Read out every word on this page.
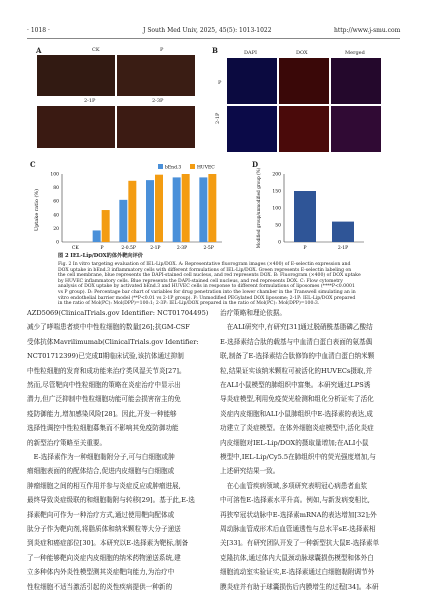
· 1018 ·	J South Med Univ, 2025, 45(5): 1013-1022	http://www.j-smu.com
A	CK	P
2-1P	2-3P
B	DAPI	DOX	Merged
P
2-1P
C
0
20
40
60
80
100
Uptake ratio (%)
CK	P	2-0.5P	2-1P	2-3P	2-5P
bEnd.3	HUVEC	D
0
50
100
150
200
Modified group/unmodified group (%)
P	2-1P
图 2 IEL-Lip/DOX的体外靶向评价
Fig. 2 In vitro targeting evaluation of IEL-Lip/DOX. A: Representative fluorogram images (×400) of E-selectin expression and
DOX uptake in bEnd.3 inflammatory cells with different formulations of IEL-Lip/DOX. Green represents E-selectin labeling on
the cell membrane, blue represents the DAPI-stained cell nucleus, and red represents DOX. B: Fluorogram (×400) of DOX uptake
by HUVEC inflammatory cells. Blue represents the DAPI-stained cell nucleus, and red represents DOX. C: Flow cytometry
analysis of DOX uptake by activated bEnd.3 and HUVEC cells in response to different formulations of liposomes (****P<0.0001
vs P group). D: Percentage bar chart of variables for drug penetration into the lower chamber in the Transwell simulating an in
vitro endothelial barrier model (**P<0.01 vs 2-1P group). P: Unmodified PEGylated DOX liposome; 2-1P: IEL-Lip/DOX prepared
in the ratio of Mol(PC): Mol(DPP)=100:1; 2-3P: IEL-Lip/DOX prepared in the ratio of Mol(PC): Mol(DPP)=100:3.
AZD5069(ClinicalTrials.gov Identifier: NCT01704495)
减少了哮喘患者痰中中性粒细胞的数量[26];抗GM-CSF
受体抗体Mavrilimumab(ClinicalTrials.gov Identifier:
NCT01712399)已完成Ⅱ期临床试验,该抗体通过抑制
中性粒细胞的发育和成功能来治疗类风湿关节炎[27]。
然而,尽管靶向中性粒细胞的策略在炎症治疗中显示出
潜力,但广泛抑制中性粒细胞功能可能会损害宿主的免
疫防御能力,增加感染风险[28]。因此,开发一种能够
选择性调控中性粒细胞募集而不影响其免疫防御功能
的新型治疗策略至关重要。
　E-选择素作为一种细胞黏附分子,可与白细胞或肿
瘤细胞表面的的配体结合,促进内皮细胞与白细胞或
肿瘤细胞之间的相互作用并参与炎症反应或肿瘤进展,
最终导致炎症级联的和细胞黏附与转移[29]。基于此,E-选
择素靶向可作为一种治疗方式,通过使用靶向配体或
肽分子作为靶向剂,将脂质体和纳米颗粒等大分子递送
到炎症和癌症部位[30]。本研究以E-选择素为靶标,制备
了一种能够靶向炎症内皮细胞的纳米药物递送系统,建
立多种体内外炎性模型测其炎症靶向能力,为治疗中
性粒细胞不适当激活引起的炎性疾病提供一种新的
治疗策略和理论依据。
　在ALI研究中,有研究[31]通过脱硝酰基脂磷乙酸结
E-选择素结合肽的载基与中血清白蛋白表面的氨基偶
联,制备了E-选择素结合肽修饰的中血清白蛋白纳米颗
粒,结果证实该纳米颗粒可被活化的HUVECs摄取,并
在ALI小鼠模型的肺组织中富集。本研究通过LPS诱
导炎症模型,利用免疫荧光检测和组化分析证实了活化
炎症内皮细胞和ALI小鼠肺组织中E-选择素的表达,成
功建立了炎症模型。在体外细胞炎症模型中,活化炎症
内皮细胞对IEL-Lip/DOX的摄取量增加;在ALI小鼠
模型中,IEL-Lip/Cy5.5在肺组织中的荧光强度增加,与
上述研究结果一致。
　在心血管疾病领域,多项研究表明冠心病患者血浆
中可溶性E-选择素水平升高。例如,与新发病变相比,
再狭窄冠状动脉中E-选择素mRNA的表达增加[32];外
周动脉血管成形术后血管通透性与总水平sE-选择素相
关[33]。有研究团队开发了一种新型抗大鼠E-选择素单
克隆抗体,通过体内大鼠颈动脉球囊损伤模型和体外白
细胞流动室实验证实,E-选择素通过白细胞黏附调节外
膜炎症并有助于球囊损伤后内膜增生的过程[34]。本研
